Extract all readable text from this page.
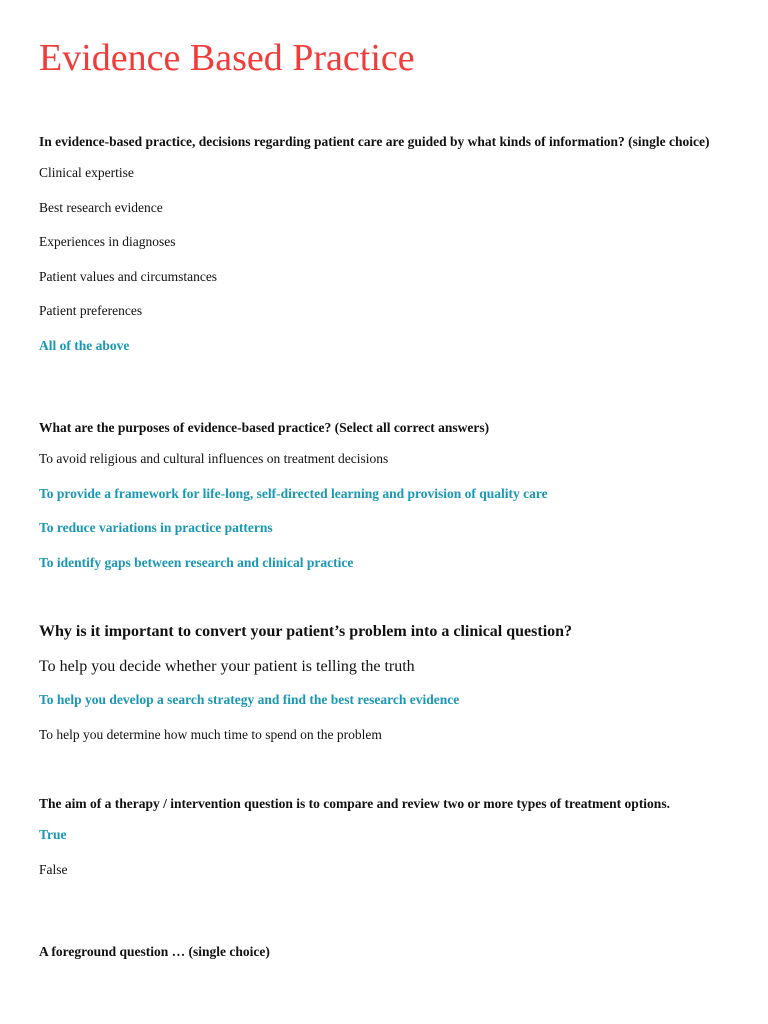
Evidence Based Practice

In evidence-based practice, decisions regarding patient care are guided by what kinds of information? (single choice)

Clinical expertise
Best research evidence
Experiences in diagnoses
Patient values and circumstances
Patient preferences
All of the above

What are the purposes of evidence-based practice? (Select all correct answers)

To avoid religious and cultural influences on treatment decisions
To provide a framework for life-long, self-directed learning and provision of quality care
To reduce variations in practice patterns
To identify gaps between research and clinical practice

Why is it important to convert your patient’s problem into a clinical question?

To help you decide whether your patient is telling the truth
To help you develop a search strategy and find the best research evidence
To help you determine how much time to spend on the problem

The aim of a therapy / intervention question is to compare and review two or more types of treatment options.

True
False

A foreground question … (single choice)
